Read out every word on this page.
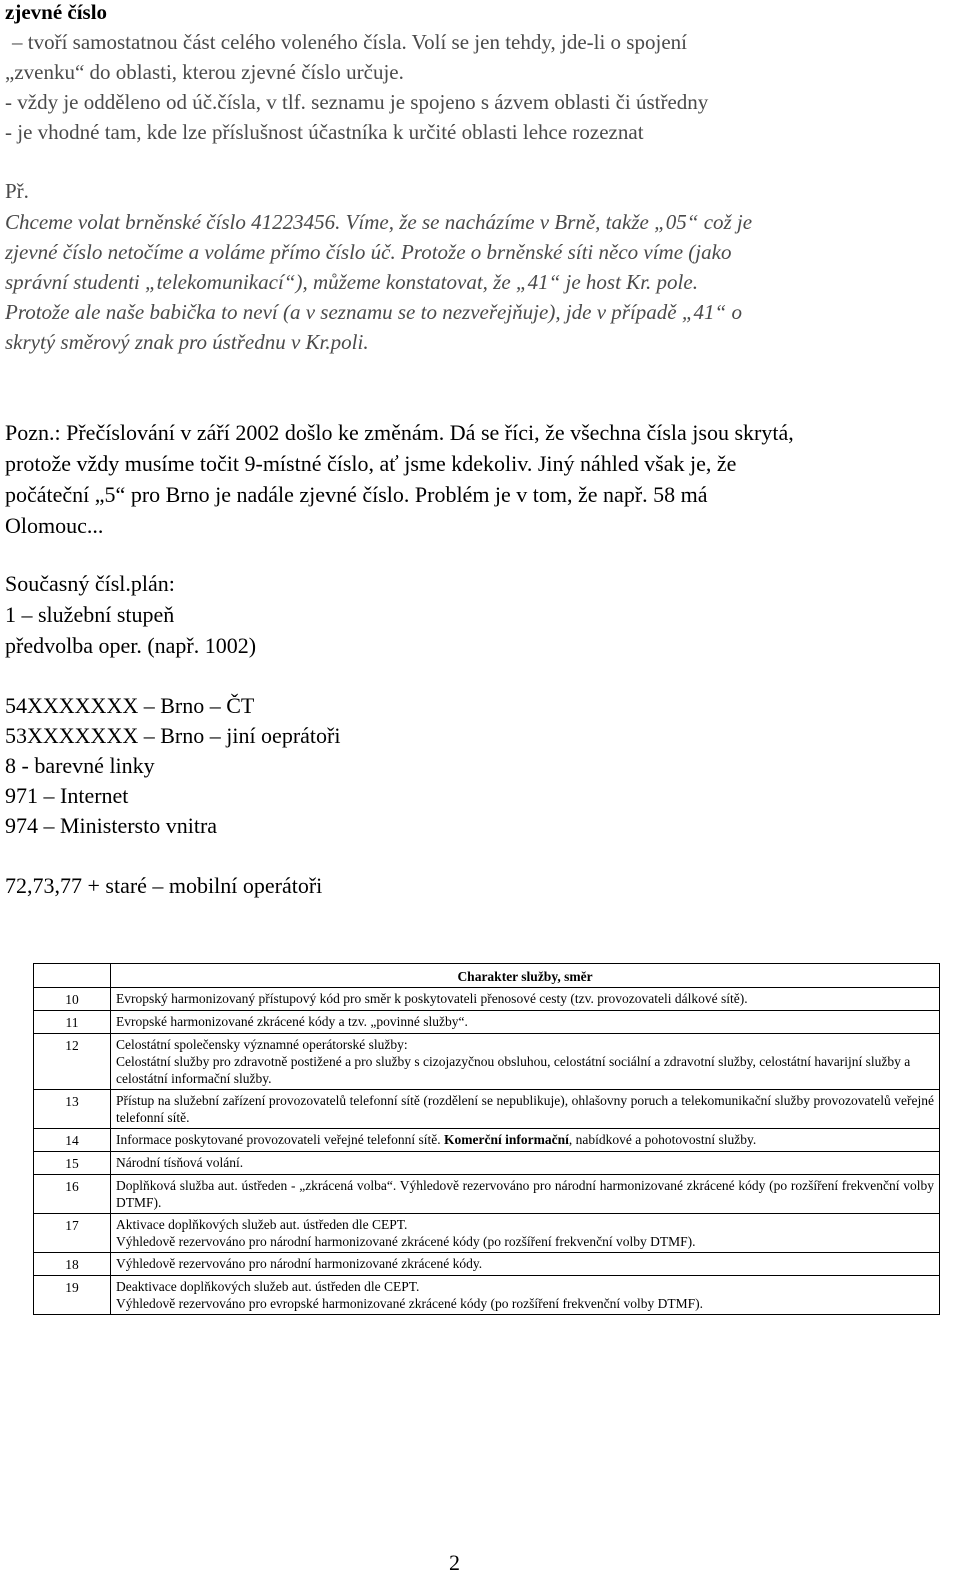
zjevné číslo
– tvoří samostatnou část celého voleného čísla. Volí se jen tehdy, jde-li o spojení
„zvenku“ do oblasti, kterou zjevné číslo určuje.
- vždy je odděleno od úč.čísla, v tlf. seznamu je spojeno s ázvem oblasti či ústředny
- je vhodné tam, kde lze příslušnost účastníka k určité oblasti lehce rozeznat
Př.
Chceme volat brněnské číslo 41223456. Víme, že se nacházíme v Brně, takže „05“ což je
zjevné číslo netočíme a voláme přímo číslo úč. Protože o brněnské síti něco víme (jako
správní studenti „telekomunikací“), můžeme konstatovat, že „41“ je host Kr. pole.
Protože ale naše babička to neví (a v seznamu se to nezveřejňuje), jde v případě „41“ o
skrytý směrový znak pro ústřednu v Kr.poli.
Pozn.: Přečíslování v září 2002 došlo ke změnám. Dá se říci, že všechna čísla jsou skrytá,
protože vždy musíme točit 9-místné číslo, ať jsme kdekoliv. Jiný náhled však je, že
počáteční „5“ pro Brno je nadále zjevné číslo. Problém je v tom, že např. 58 má
Olomouc...
Současný čísl.plán:
1 – služební stupeň
předvolba oper. (např. 1002)
54XXXXXXX – Brno – ČT
53XXXXXXX – Brno – jiní oeprátoři
8 - barevné linky
971 – Internet
974 – Ministersto vnitra
72,73,77 + staré – mobilní operátoři
	Charakter služby, směr
10	Evropský harmonizovaný přístupový kód pro směr k poskytovateli přenosové cesty (tzv. provozovateli dálkové sítě).
11	Evropské harmonizované zkrácené kódy a tzv. „povinné služby“.
12	Celostátní společensky významné operátorské služby:
Celostátní služby pro zdravotně postižené a pro služby s cizojazyčnou obsluhou, celostátní sociální a zdravotní služby, celostátní havarijní služby a celostátní informační služby.

13	Přístup na služební zařízení provozovatelů telefonní sítě (rozdělení se nepublikuje), ohlašovny poruch a telekomunikační služby provozovatelů veřejné telefonní sítě.
14	Informace poskytované provozovateli veřejné telefonní sítě. Komerční informační, nabídkové a pohotovostní služby.
15	Národní tísňová volání.
16	Doplňková služba aut. ústředen - „zkrácená volba“. Výhledově rezervováno pro národní harmonizované zkrácené kódy (po rozšíření frekvenční volby DTMF).
17	Aktivace doplňkových služeb aut. ústředen dle CEPT.
Výhledově rezervováno pro národní harmonizované zkrácené kódy (po rozšíření frekvenční volby DTMF).

18	Výhledově rezervováno pro národní harmonizované zkrácené kódy.
19	Deaktivace doplňkových služeb aut. ústředen dle CEPT.
Výhledově rezervováno pro evropské harmonizované zkrácené kódy (po rozšíření frekvenční volby DTMF).
2
